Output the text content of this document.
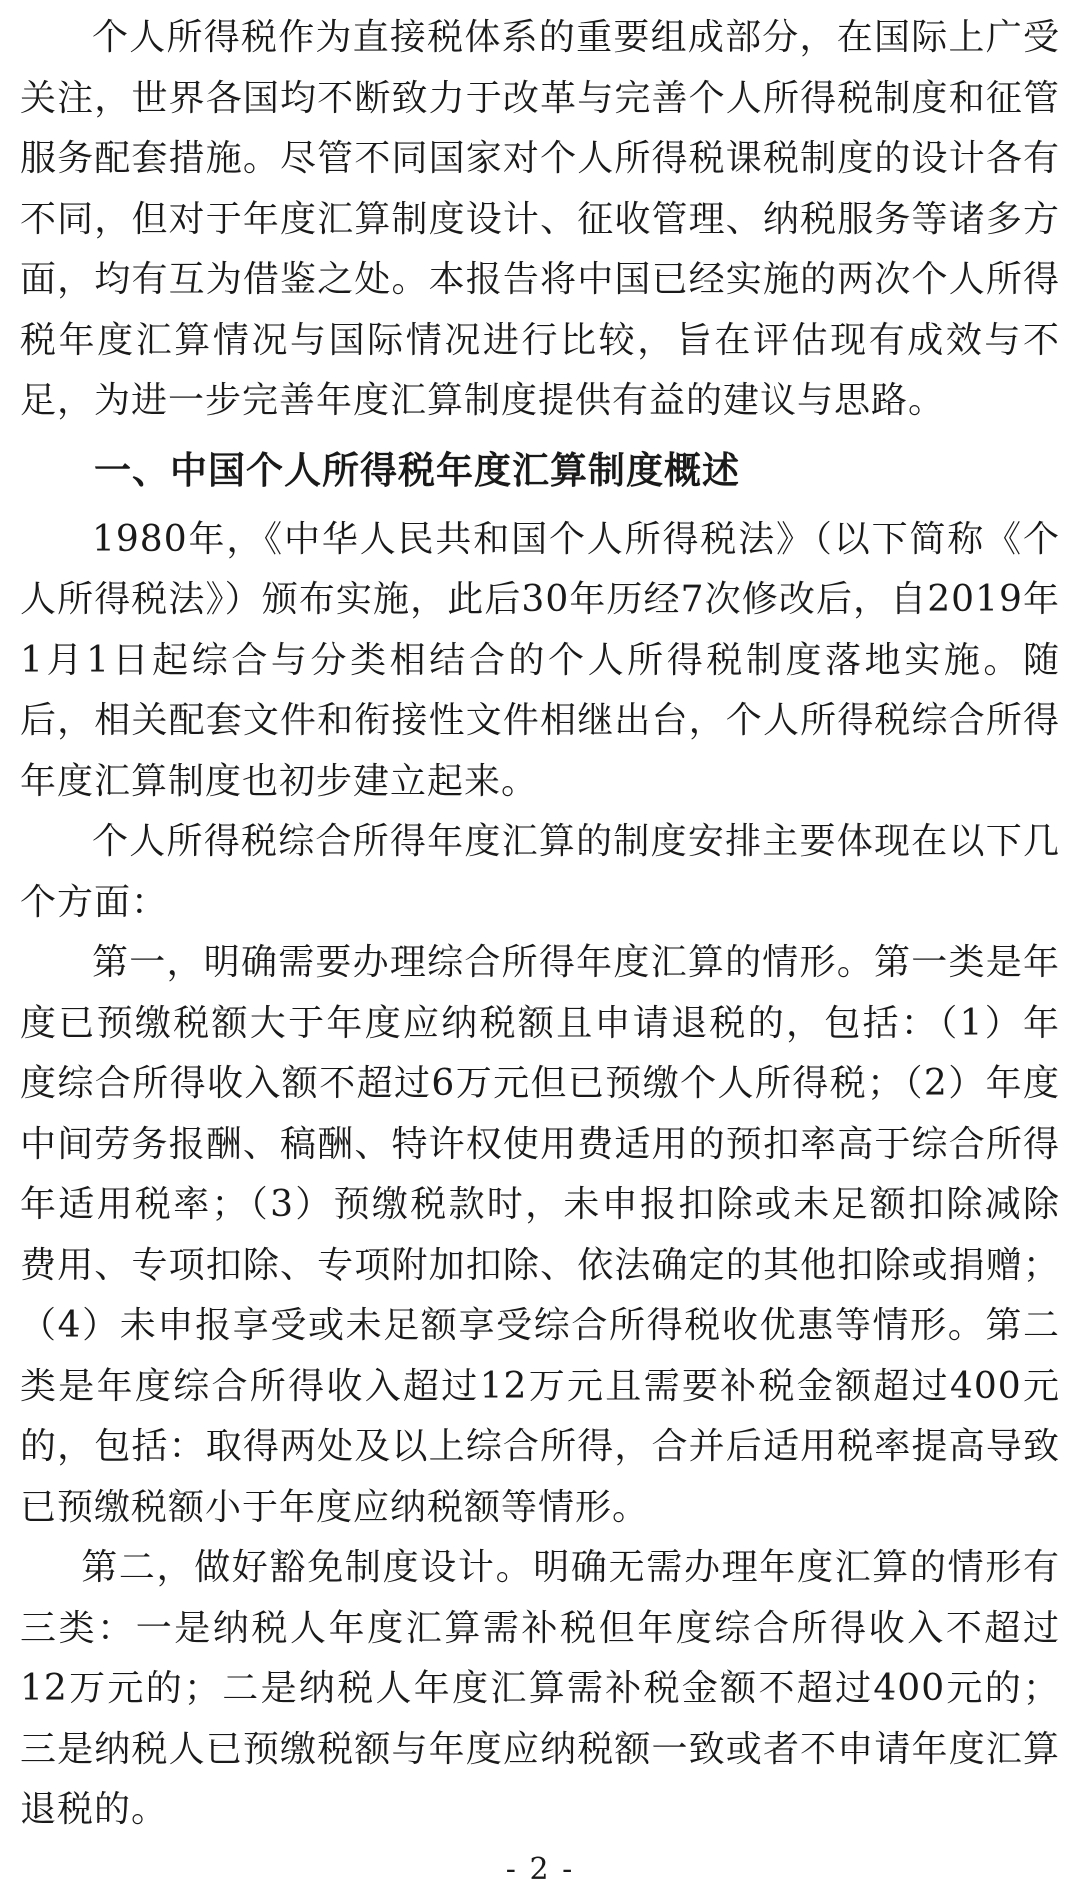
个人所得税作为直接税体系的重要组成部分，在国际上广受关注，世界各国均不断致力于改革与完善个人所得税制度和征管服务配套措施。尽管不同国家对个人所得税课税制度的设计各有不同，但对于年度汇算制度设计、征收管理、纳税服务等诸多方面，均有互为借鉴之处。本报告将中国已经实施的两次个人所得税年度汇算情况与国际情况进行比较，旨在评估现有成效与不足，为进一步完善年度汇算制度提供有益的建议与思路。

一、中国个人所得税年度汇算制度概述

1980年，《中华人民共和国个人所得税法》（以下简称《个人所得税法》）颁布实施，此后30年历经7次修改后，自2019年1月1日起综合与分类相结合的个人所得税制度落地实施。随后，相关配套文件和衔接性文件相继出台，个人所得税综合所得年度汇算制度也初步建立起来。

个人所得税综合所得年度汇算的制度安排主要体现在以下几个方面：

第一，明确需要办理综合所得年度汇算的情形。第一类是年度已预缴税额大于年度应纳税额且申请退税的，包括：（1）年度综合所得收入额不超过6万元但已预缴个人所得税；（2）年度中间劳务报酬、稿酬、特许权使用费适用的预扣率高于综合所得年适用税率；（3）预缴税款时，未申报扣除或未足额扣除减除费用、专项扣除、专项附加扣除、依法确定的其他扣除或捐赠；（4）未申报享受或未足额享受综合所得税收优惠等情形。第二类是年度综合所得收入超过12万元且需要补税金额超过400元的，包括：取得两处及以上综合所得，合并后适用税率提高导致已预缴税额小于年度应纳税额等情形。

第二，做好豁免制度设计。明确无需办理年度汇算的情形有三类：一是纳税人年度汇算需补税但年度综合所得收入不超过12万元的；二是纳税人年度汇算需补税金额不超过400元的；三是纳税人已预缴税额与年度应纳税额一致或者不申请年度汇算退税的。

- 2 -
